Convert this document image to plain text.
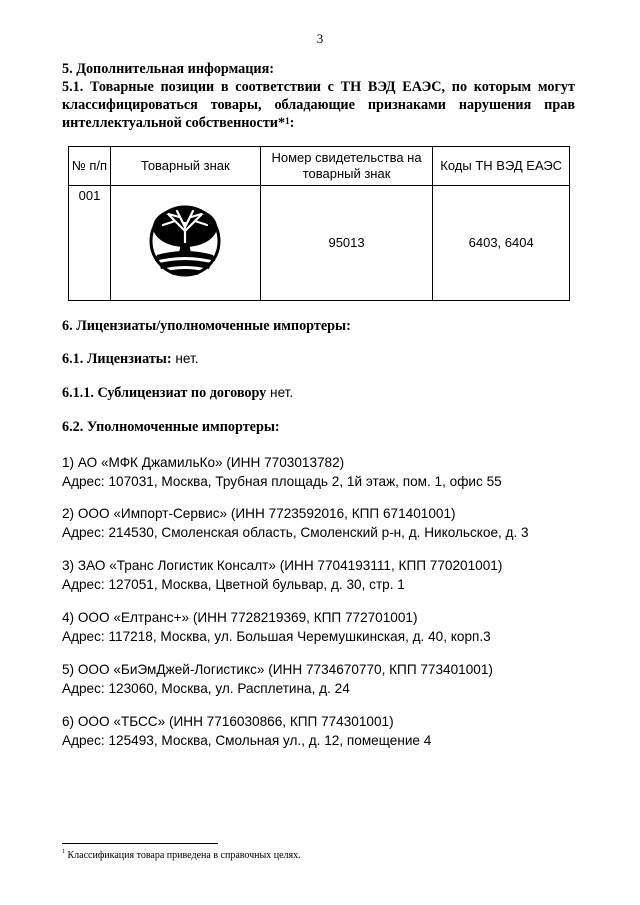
3
5. Дополнительная информация:
5.1. Товарные позиции в соответствии с ТН ВЭД ЕАЭС, по которым могут классифицироваться товары, обладающие признаками нарушения прав интеллектуальной собственности*$^1$:
№ п/п	Товарный знак	Номер свидетельства на товарный знак	Коды ТН ВЭД ЕАЭС
001		95013	6403, 6404
6. Лицензиаты/уполномоченные импортеры:
6.1. Лицензиаты: нет.
6.1.1. Сублицензиат по договору нет.
6.2. Уполномоченные импортеры:
1) АО «МФК ДжамильКо» (ИНН 7703013782)
Адрес: 107031, Москва, Трубная площадь 2, 1й этаж, пом. 1, офис 55
2) ООО «Импорт-Сервис» (ИНН 7723592016, КПП 671401001)
Адрес: 214530, Смоленская область, Смоленский р-н, д. Никольское, д. 3
3) ЗАО «Транс Логистик Консалт» (ИНН 7704193111, КПП 770201001)
Адрес: 127051, Москва, Цветной бульвар, д. 30, стр. 1
4) ООО «Елтранс+» (ИНН 7728219369, КПП 772701001)
Адрес: 117218, Москва, ул. Большая Черемушкинская, д. 40, корп.3
5) ООО «БиЭмДжей-Логистикс» (ИНН 7734670770, КПП 773401001)
Адрес: 123060, Москва, ул. Расплетина, д. 24
6) ООО «ТБСС» (ИНН 7716030866, КПП 774301001)
Адрес: 125493, Москва, Смольная ул., д. 12, помещение 4
$^1$ Классификация товара приведена в справочных целях.
